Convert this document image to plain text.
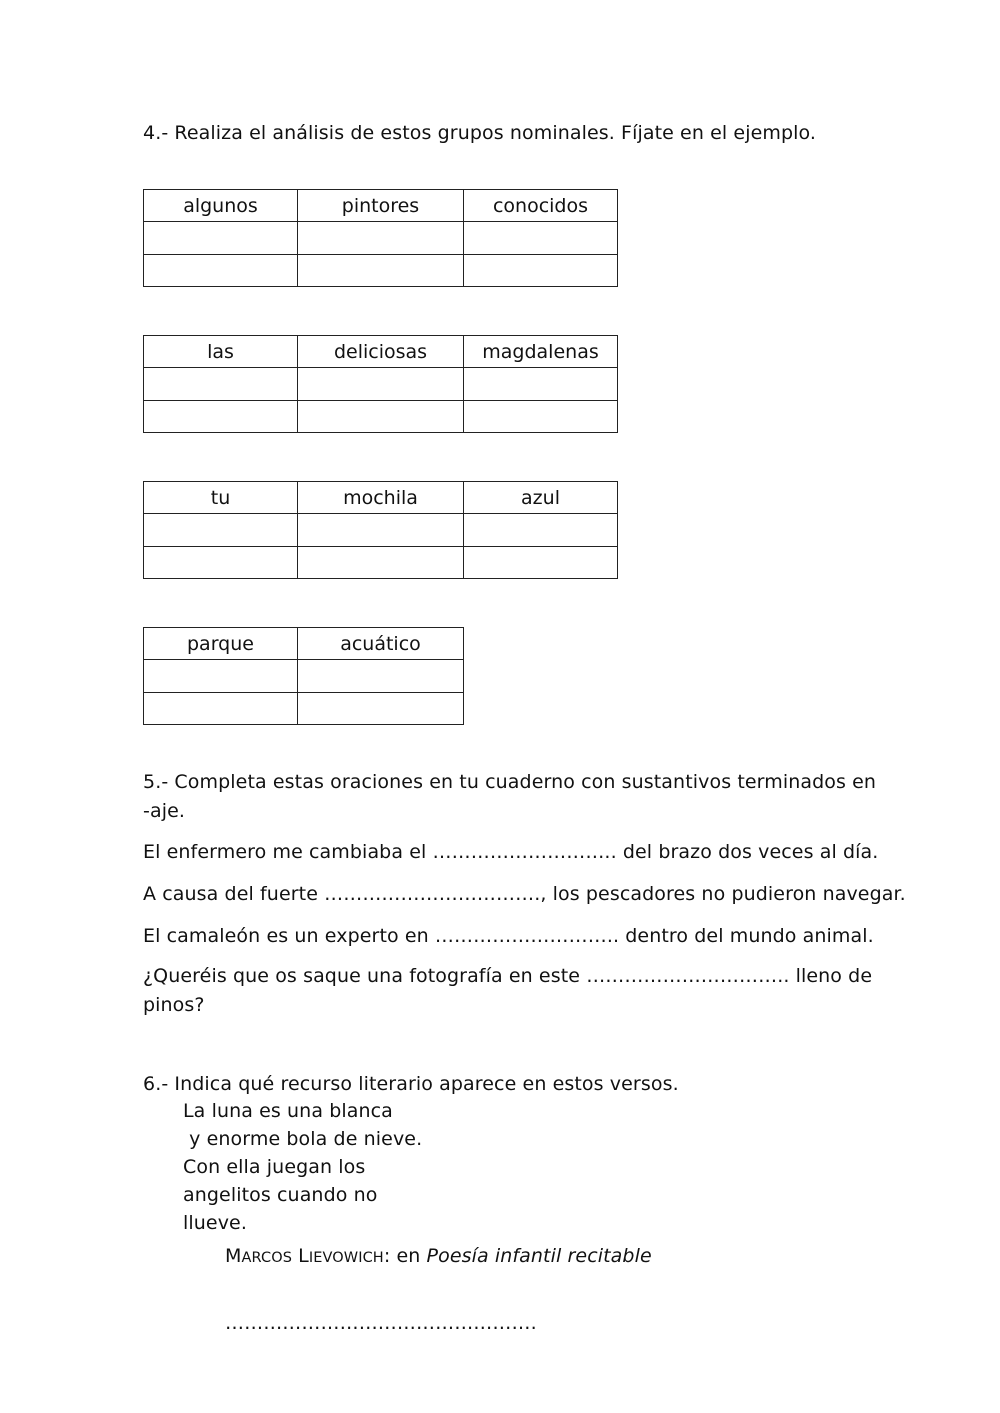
4.- Realiza el análisis de estos grupos nominales. Fíjate en el ejemplo.
algunos	pintores	conocidos

las	deliciosas	magdalenas

tu	mochila	azul

parque	acuático

5.- Completa estas oraciones en tu cuaderno con sustantivos terminados en
-aje.
El enfermero me cambiaba el ……………………….. del brazo dos veces al día.
A causa del fuerte ……………………………., los pescadores no pudieron navegar.
El camaleón es un experto en ……………………….. dentro del mundo animal.
¿Queréis que os saque una fotografía en este ………………………….. lleno de
pinos?
6.- Indica qué recurso literario aparece en estos versos.
La luna es una blanca
y enorme bola de nieve.
Con ella juegan los
angelitos cuando no
llueve.
MARCOS LIEVOWICH: en Poesía infantil recitable
………………………………………….
